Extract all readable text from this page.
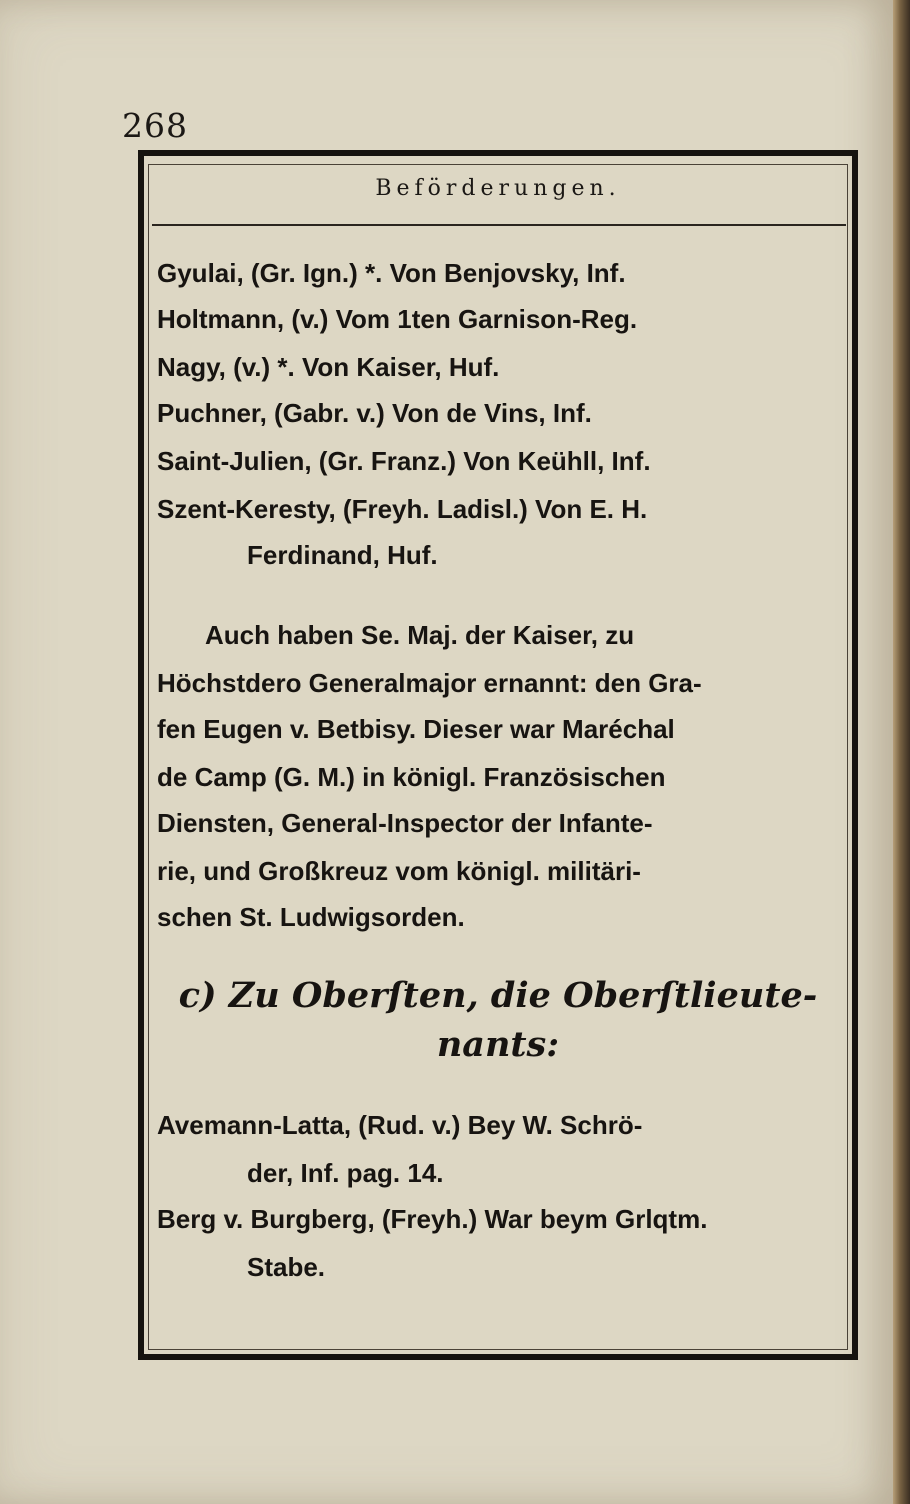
268
Beförderungen.
Gyulai, (Gr. Ign.) *. Von Benjovsky, Inf.
Holtmann, (v.) Vom 1ten Garnison-Reg.
Nagy, (v.) *. Von Kaiser, Huf.
Puchner, (Gabr. v.) Von de Vins, Inf.
Saint-Julien, (Gr. Franz.) Von Keühll, Inf.
Szent-Keresty, (Freyh. Ladisl.) Von E. H.
Ferdinand, Huf.
Auch haben Se. Maj. der Kaiser, zu
Höchstdero Generalmajor ernannt: den Gra-
fen Eugen v. Betbisy. Dieser war Maréchal
de Camp (G. M.) in königl. Französischen
Diensten, General-Inspector der Infante-
rie, und Großkreuz vom königl. militäri-
schen St. Ludwigsorden.
c) Zu Oberſten, die Oberſtlieute-
nants:
Avemann-Latta, (Rud. v.) Bey W. Schrö-
der, Inf. pag. 14.
Berg v. Burgberg, (Freyh.) War beym Grlqtm.
Stabe.
